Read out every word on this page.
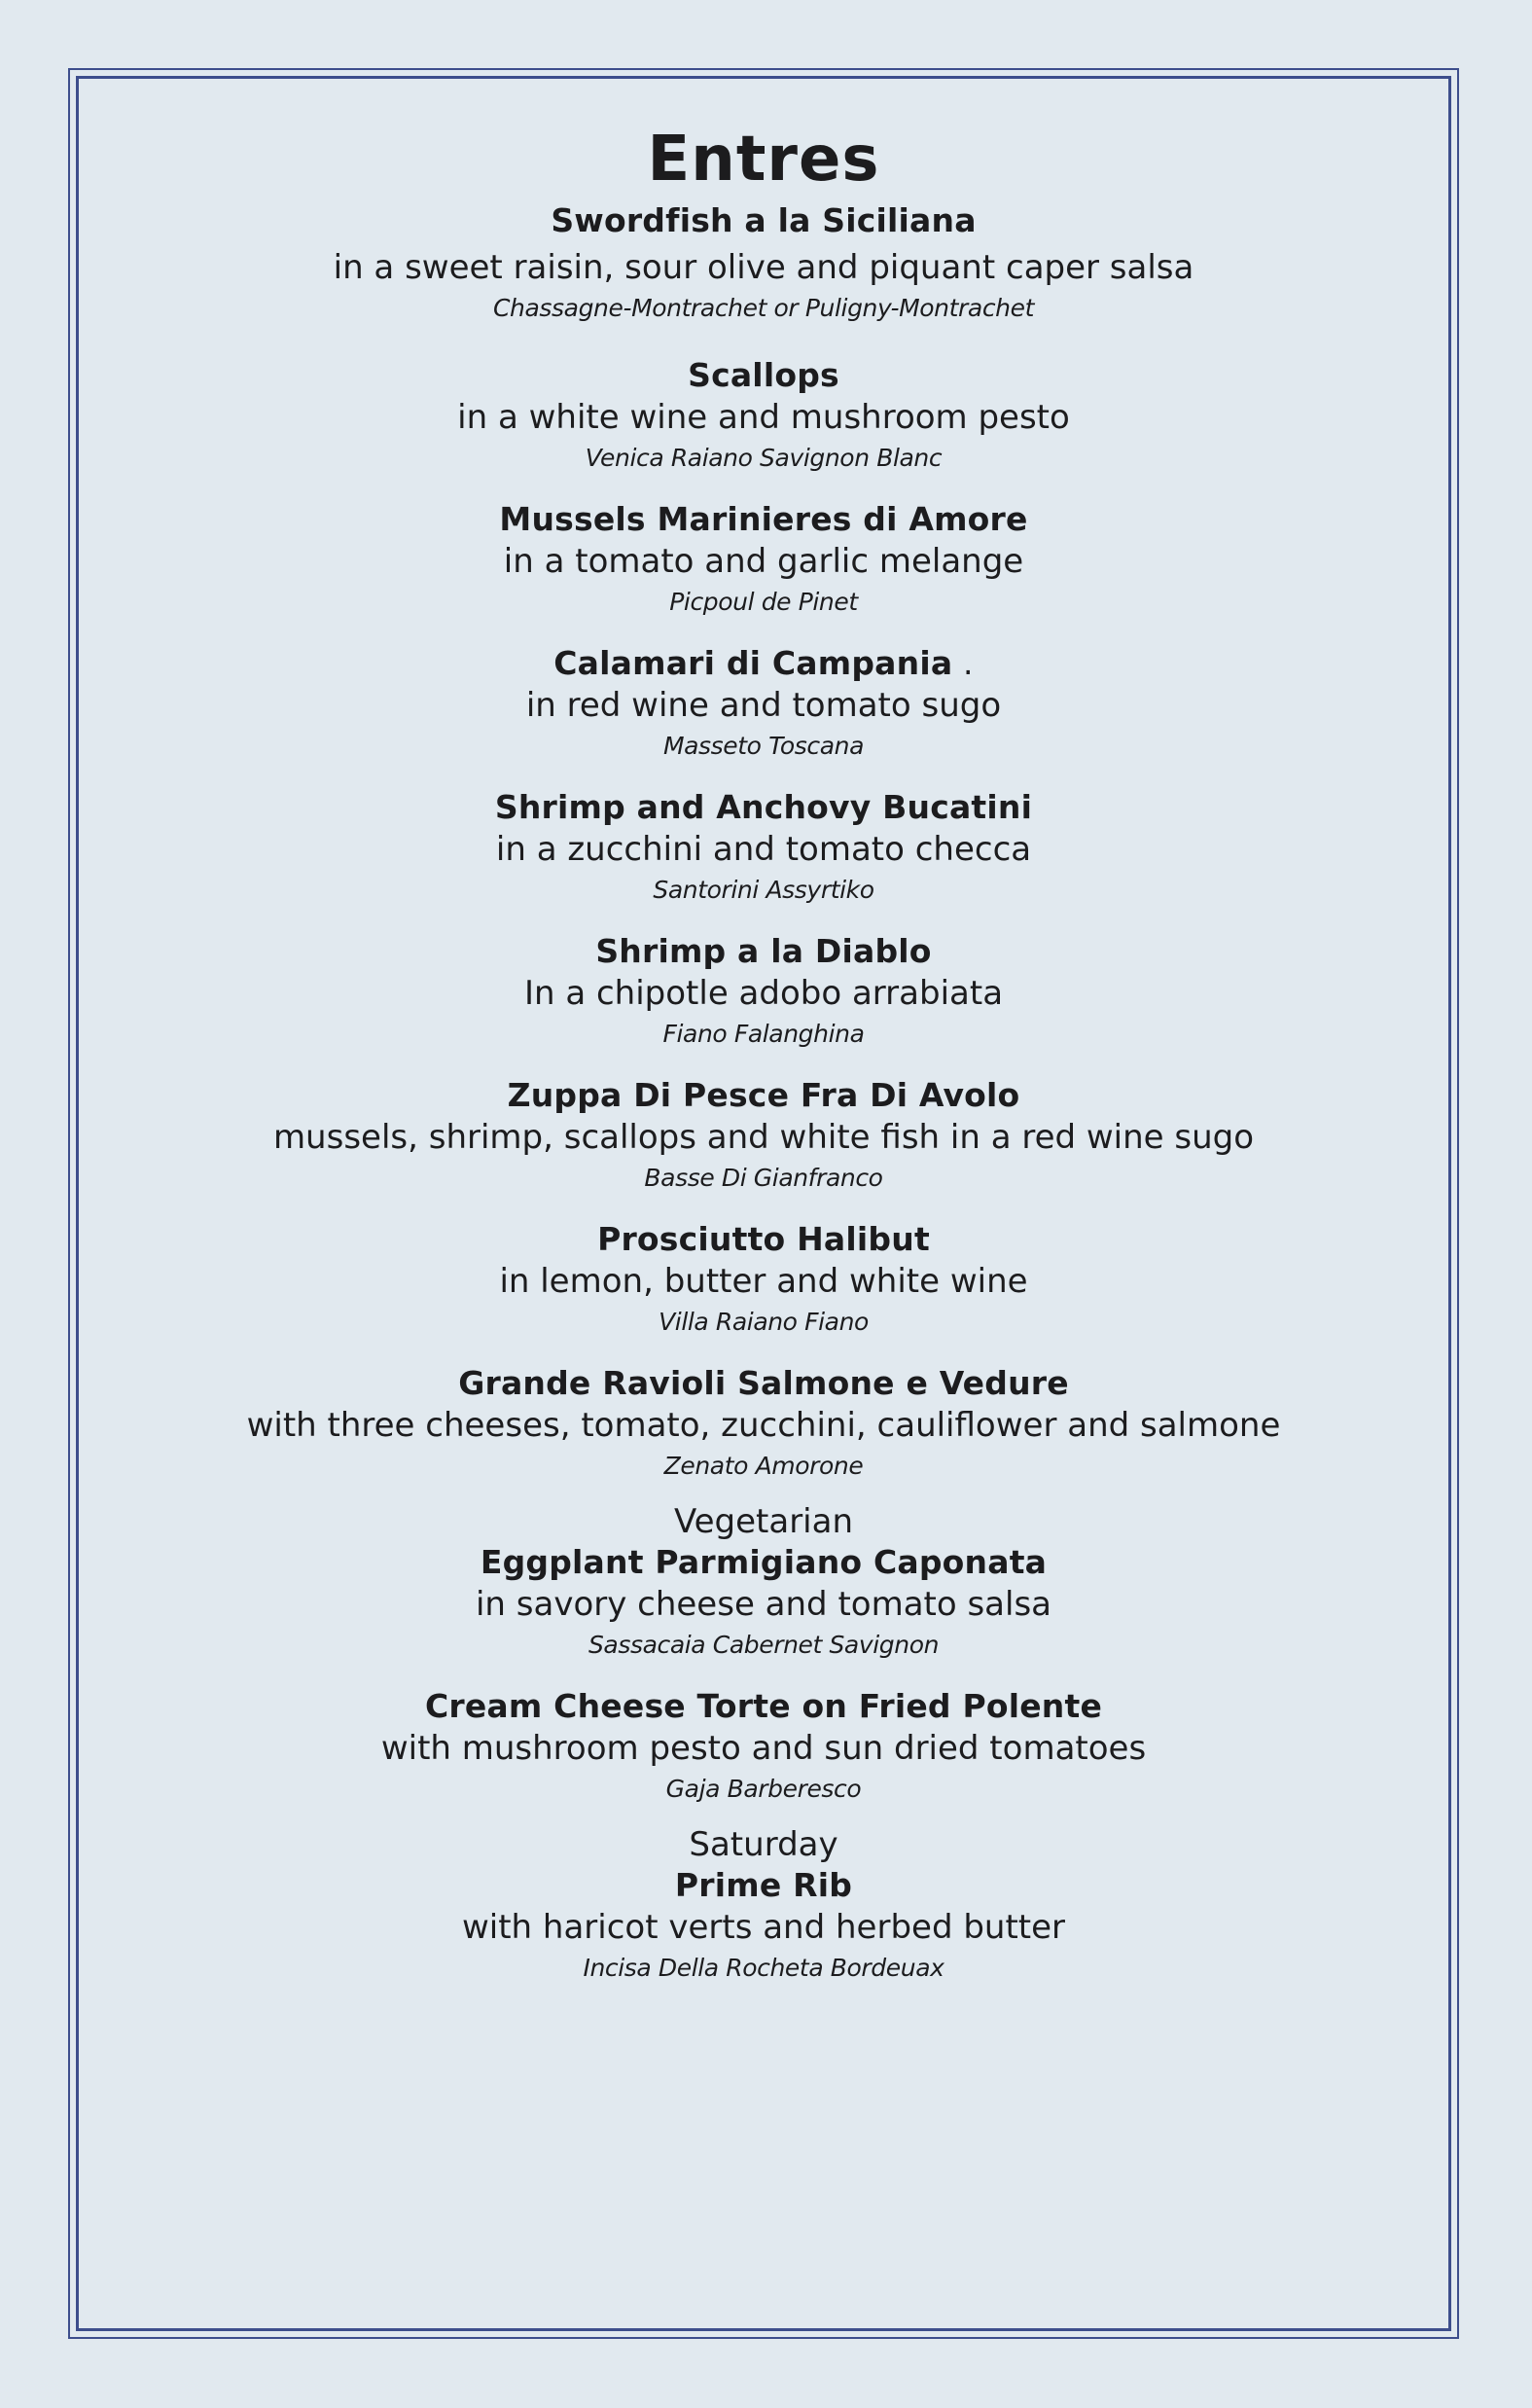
Entres
Swordfish a la Siciliana
in a sweet raisin, sour olive and piquant caper salsa
Chassagne-Montrachet or Puligny-Montrachet
Scallops
in a white wine and mushroom pesto
Venica Raiano Savignon Blanc
Mussels Marinieres di Amore
in a tomato and garlic melange
Picpoul de Pinet
Calamari di Campania .
in red wine and tomato sugo
Masseto Toscana
Shrimp and Anchovy Bucatini
in a zucchini and tomato checca
Santorini Assyrtiko
Shrimp a la Diablo
In a chipotle adobo arrabiata
Fiano Falanghina
Zuppa Di Pesce Fra Di Avolo
mussels, shrimp, scallops and white fish in a red wine sugo
Basse Di Gianfranco
Prosciutto Halibut
in lemon, butter and white wine
Villa Raiano Fiano
Grande Ravioli Salmone e Vedure
with three cheeses, tomato, zucchini, cauliflower and salmone
Zenato Amorone
Vegetarian
Eggplant Parmigiano Caponata
in savory cheese and tomato salsa
Sassacaia Cabernet Savignon
Cream Cheese Torte on Fried Polente
with mushroom pesto and sun dried tomatoes
Gaja Barberesco
Saturday
Prime Rib
with haricot verts and herbed butter
Incisa Della Rocheta Bordeuax
